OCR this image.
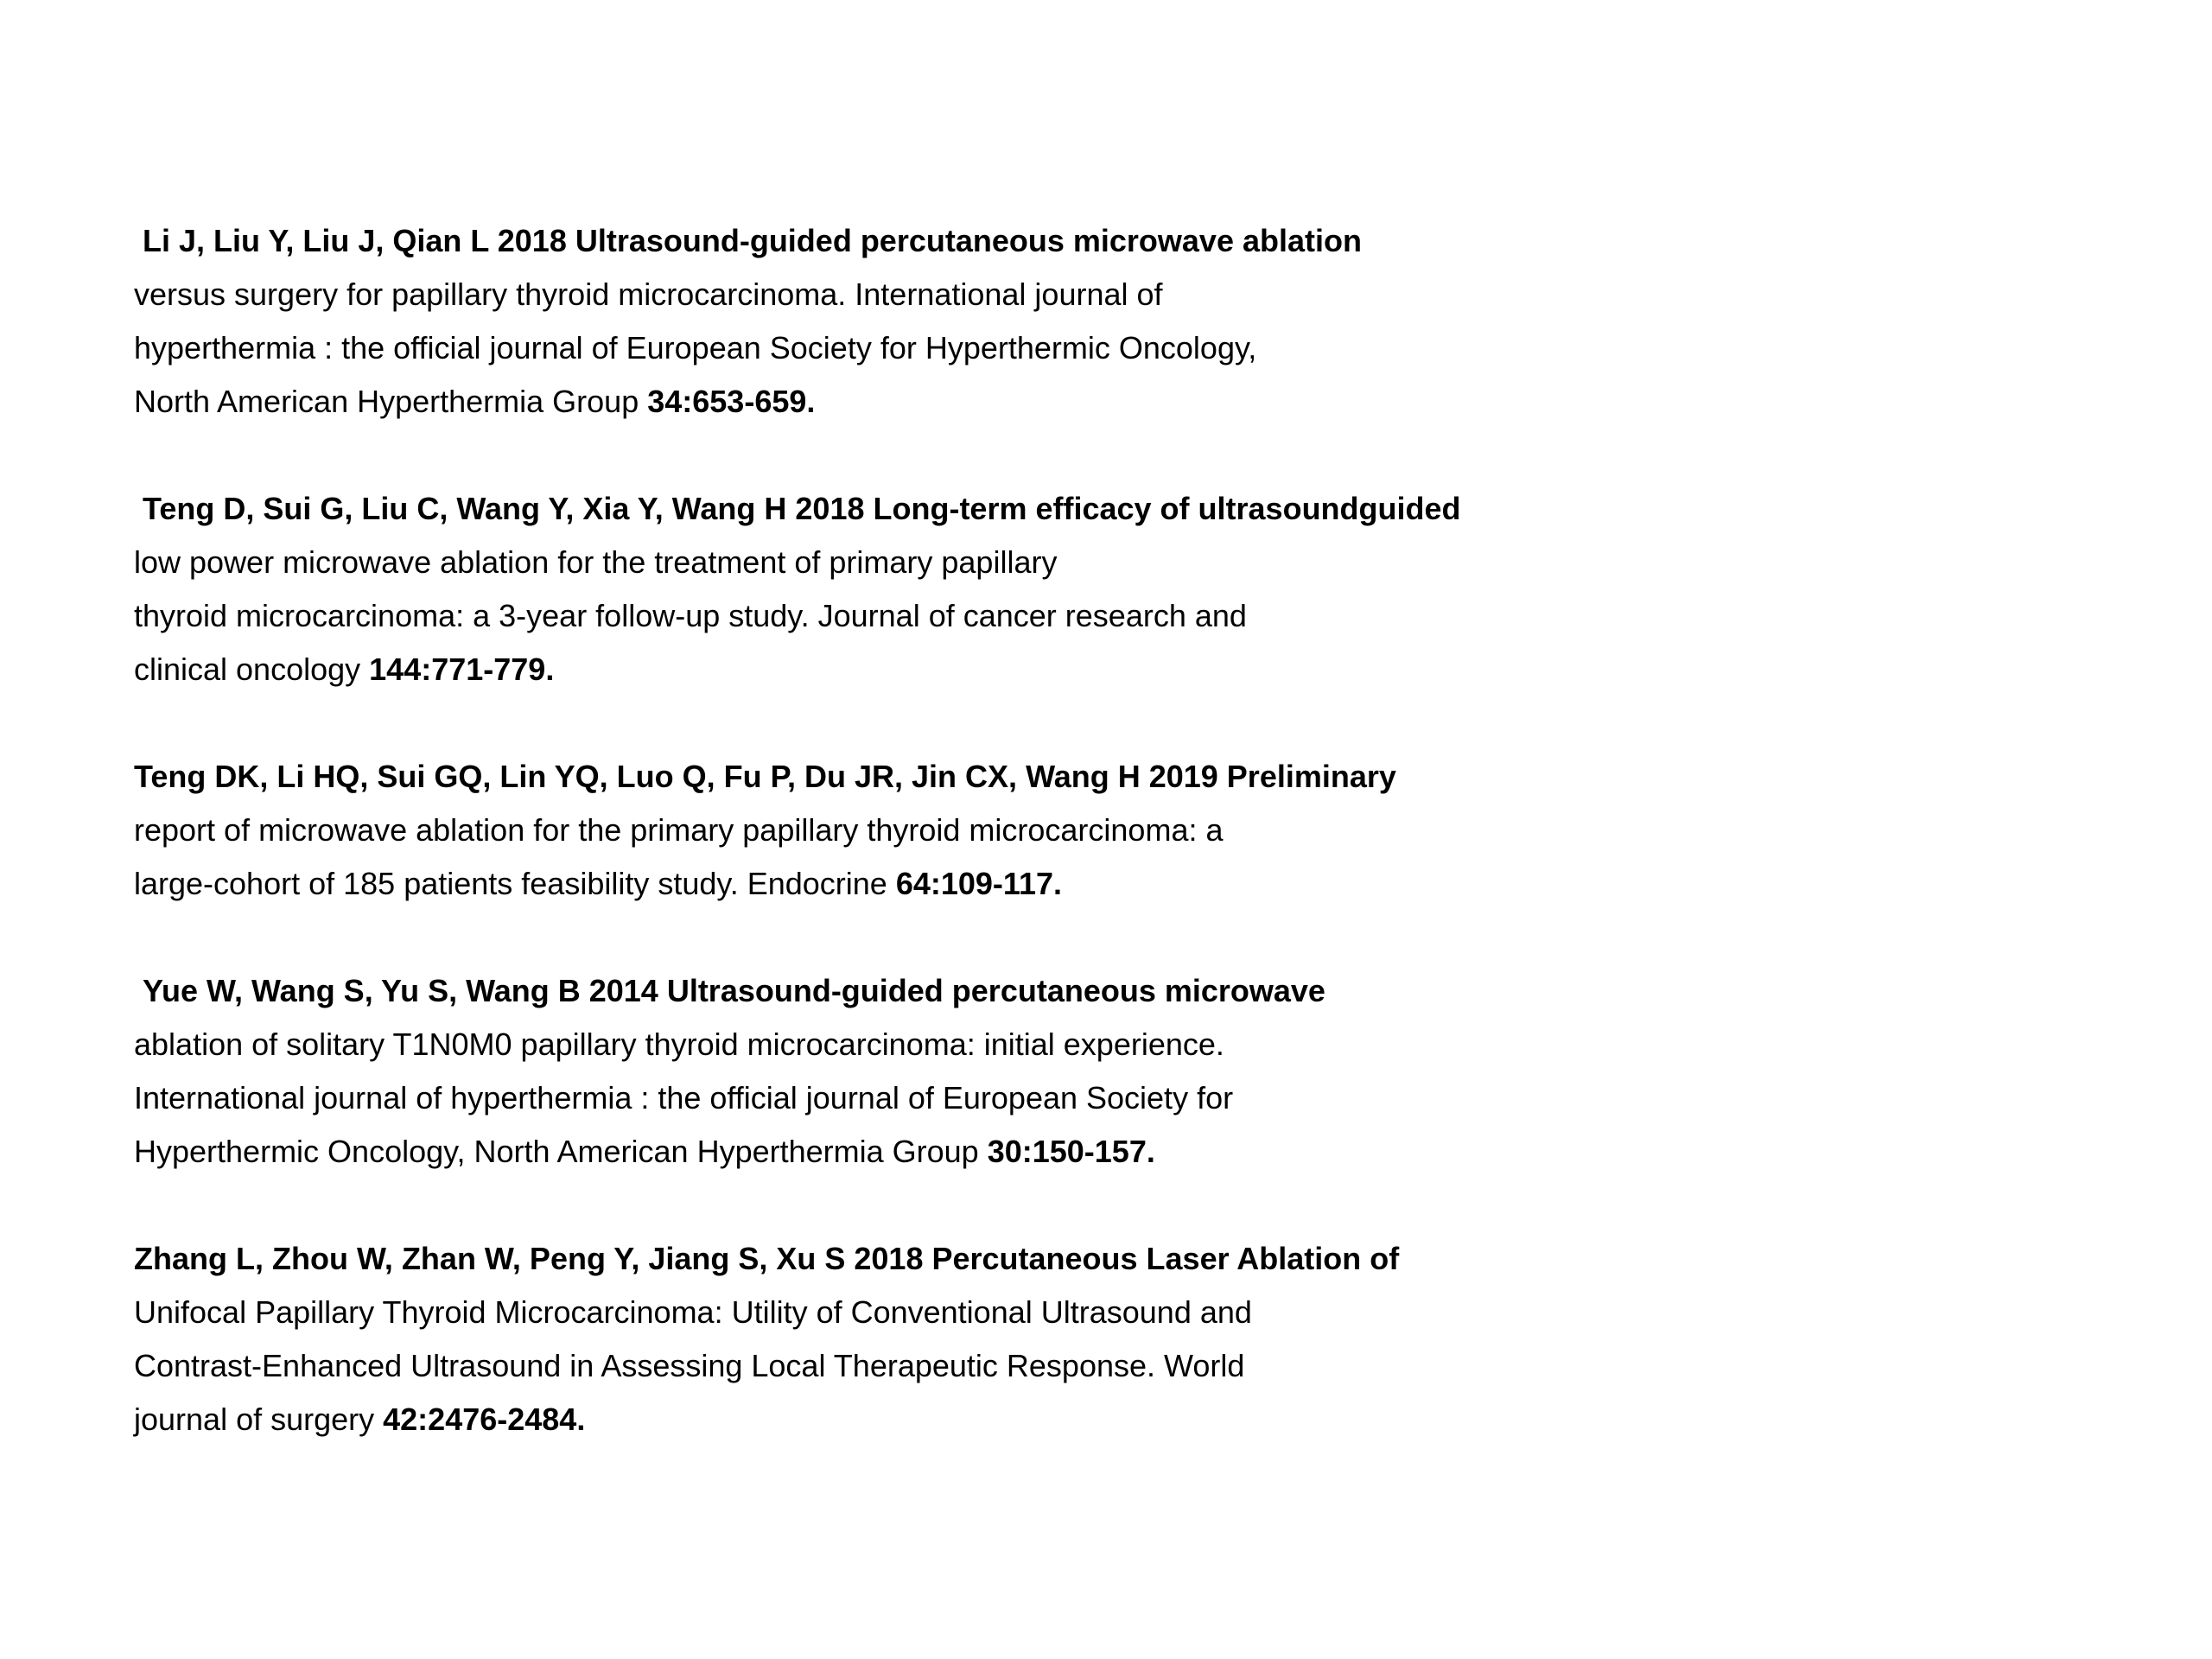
Li J, Liu Y, Liu J, Qian L 2018 Ultrasound-guided percutaneous microwave ablation
versus surgery for papillary thyroid microcarcinoma. International journal of
hyperthermia : the official journal of European Society for Hyperthermic Oncology,
North American Hyperthermia Group 34:653-659.
Teng D, Sui G, Liu C, Wang Y, Xia Y, Wang H 2018 Long-term efficacy of ultrasoundguided
low power microwave ablation for the treatment of primary papillary
thyroid microcarcinoma: a 3-year follow-up study. Journal of cancer research and
clinical oncology 144:771-779.
Teng DK, Li HQ, Sui GQ, Lin YQ, Luo Q, Fu P, Du JR, Jin CX, Wang H 2019 Preliminary
report of microwave ablation for the primary papillary thyroid microcarcinoma: a
large-cohort of 185 patients feasibility study. Endocrine 64:109-117.
Yue W, Wang S, Yu S, Wang B 2014 Ultrasound-guided percutaneous microwave
ablation of solitary T1N0M0 papillary thyroid microcarcinoma: initial experience.
International journal of hyperthermia : the official journal of European Society for
Hyperthermic Oncology, North American Hyperthermia Group 30:150-157.
Zhang L, Zhou W, Zhan W, Peng Y, Jiang S, Xu S 2018 Percutaneous Laser Ablation of
Unifocal Papillary Thyroid Microcarcinoma: Utility of Conventional Ultrasound and
Contrast-Enhanced Ultrasound in Assessing Local Therapeutic Response. World
journal of surgery 42:2476-2484.
